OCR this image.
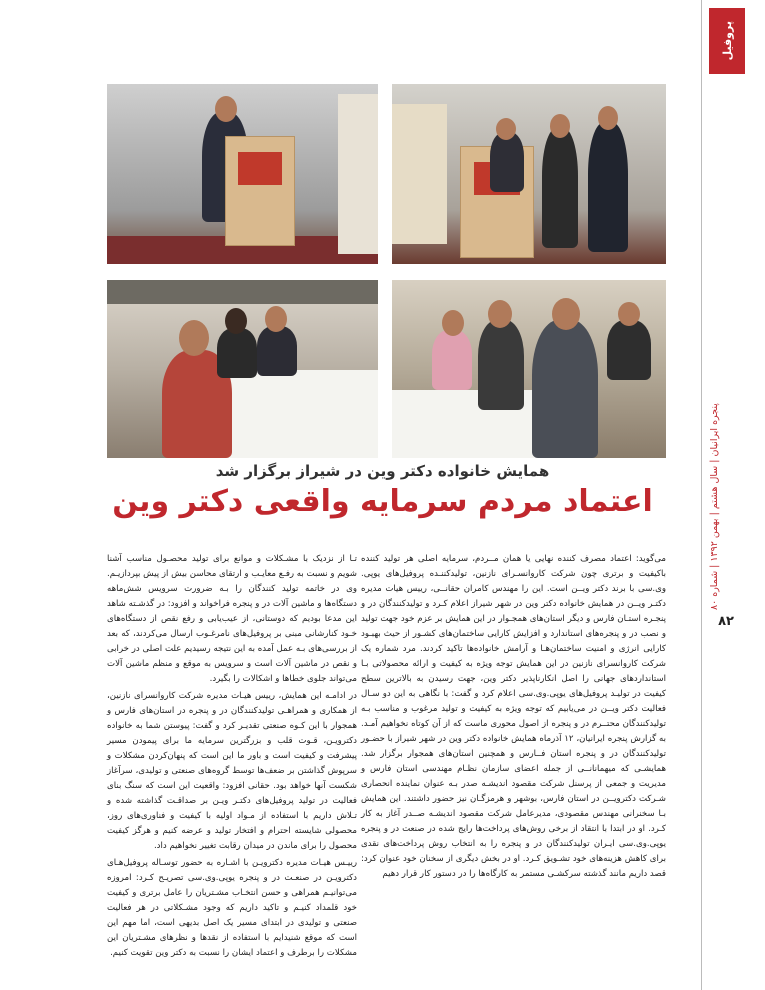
پروفیل
پنجره ایرانیان | سال هشتم | بهمن ۱۳۹۲ | شماره ۸۰
۸۲

همایش خانواده دکتر وین در شیراز برگزار شد

اعتماد مردم سرمایه واقعی دکتر وین

می‌گوید: اعتماد مصرف کننده نهایی یا همان مــردم، سرمایه اصلی هر تولید کننده باکیفیت و برتری چون شرکت کاروانسـرای نازنین، تولیدکننـده پروفیل‌های یوپی. وی.سی با برند دکتر ویــن است. این را مهندس کامران حقانــی، رییس هیات مدیره دکتـر ویــن در همایش خانواده دکتر وین در شهر شیراز اعلام کـرد و تولیدکنندگان در و پنجـره استـان فارس و دیگر استان‌های همجـوار در این همایش بر عزم خود جهت تولید و نصب در و پنجره‌های استاندارد و افزایش کارایی ساختمان‌های کشـور از حیث بهبـود کارایی انرژی و امنیت ساختمان‌هـا و آرامش خانواده‌ها تاکید کردند. مرد شماره یک شرکت کاروانسرای نازنین در این همایش توجه ویژه به کیفیت و ارائه محصولاتی بـا استانداردهای جهانی را اصل انکارناپذیر دکتر وین، جهت رسیدن به بالاترین سطح کیفیت در تولیـد پروفیل‌های یوپی.وی.سی اعلام کرد و گفت: با نگاهی به این دو سـال فعالیت دکتر ویــن در می‌یابیم که توجه ویژه به کیفیت و تولید مرغوب و مناسب بـه تولیدکنندگان محتــرم در و پنجره از اصول محوری ماست که از آن کوتاه نخواهیم آمـد. به گزارش پنجره ایرانیان، ۱۲ آذرماه همایش خانواده دکتر وین در شهر شیراز با حضـور تولیدکنندگان در و پنجره استان فــارس و همچنین استان‌های همجوار برگزار شد. همایشـی که میهمانانــی از جمله اعضای سازمان نظـام مهندسی استان فارس و مدیریت و جمعی از پرسنل شرکت مقصود اندیشـه صدر بـه عنوان نماینده انحصاری شـرکت دکترویــن در استان فارس، بوشهر و هرمزگـان نیز حضور داشتند. این همایش بـا سخنرانی مهندس مقصودی، مدیرعامل شرکت مقصود اندیشـه صــدر آغاز به کار کـرد. او در ابتدا با انتقاد از برخی روش‌های پرداخت‌ها رایج شده در صنعت در و پنجره یوپی.وی.سی ایـران تولیدکنندگان در و پنجره را به انتخاب روش پرداخت‌های نقدی برای کاهش هزینه‌های خود تشـویق کـرد. او در بخش دیگری از سخنان خود عنوان کرد: قصد داریم مانند گذشته سرکشـی مستمر به کارگاه‌ها را در دستور کار قرار دهیم

تـا از نزدیک با مشـکلات و موانع برای تولید محصـول مناسب آشنا شویم و نسبت به رفـع معایـب و ارتقای محاسن بیش از پیش بپردازیـم. وی در خاتمه تولید کنندگان را بـه ضرورت سرویس شش‌ماهه دستگاه‌ها و ماشین آلات در و پنجره فراخواند و افزود: در گذشـته شاهد این مدعا بودیم که دوستانی، از عیب‌یابی و رفع نقص از دستگاه‌های خـود کنارشانی مبنی بر پروفیل‌های نامرغـوب ارسال می‌کردند، که بعد از بررسی‌های بـه عمل آمده به این نتیجه رسیدیم علت اصلی در خرابی و نقص در ماشین آلات است و سرویس به موقع و منظم ماشین آلات می‌تواند جلوی خطاها و اشکالات را بگیرد.

در ادامـه این همایش، رییس هیـات مدیره شرکت کاروانسرای نازنین، از همکاری و همراهـی تولیدکنندگان در و پنجره در استان‌های فارس و همجوار با این کـوه صنعتی تقدیـر کرد و گفت: پیوستن شما به خانواده دکترویـن، قـوت قلب و بزرگترین سرمایه ما برای پیمودن مسیر پیشرفت و کیفیت است و باور ما این است که پنهان‌کردن مشکلات و سرپوش گذاشتن بر ضعف‌ها توسط گروه‌های صنعتی و تولیدی، سرآغاز شکست آنها خواهد بود. حقانی افزود: واقعیت این است که سنگ بنای فعالیت در تولید پروفیل‌های دکتـر ویـن بر صداقـت گذاشته شده و تـلاش داریم با استفاده از مـواد اولیه با کیفیت و فناوری‌های روز، محصولی شایسته احترام و افتخار تولید و عرضه کنیم و هرگز کیفیت محصول را برای ماندن در میدان رقابت تغییر نخواهیم داد.

رییـس هیـات مدیره دکترویـن با اشـاره به حضور توسـاله پروفیل‌هـای دکترویـن در صنعـت در و پنجره یوپی.وی.سی تصریـح کـرد: امروزه می‌توانیـم همراهی و حسن انتخـاب مشـتریان را عامل برتری و کیفیت خود قلمداد کنیـم و تاکید داریم که وجود مشـکلاتی در هر فعالیت صنعتی و تولیدی در ابتدای مسیر یک اصل بدیهی است، اما مهم این است که موقع شنیدایم با استفاده از نقدها و نظرهای مشـتریان این مشکلات را برطرف و اعتماد ایشان را نسبت به دکتر وین تقویت کنیم.
